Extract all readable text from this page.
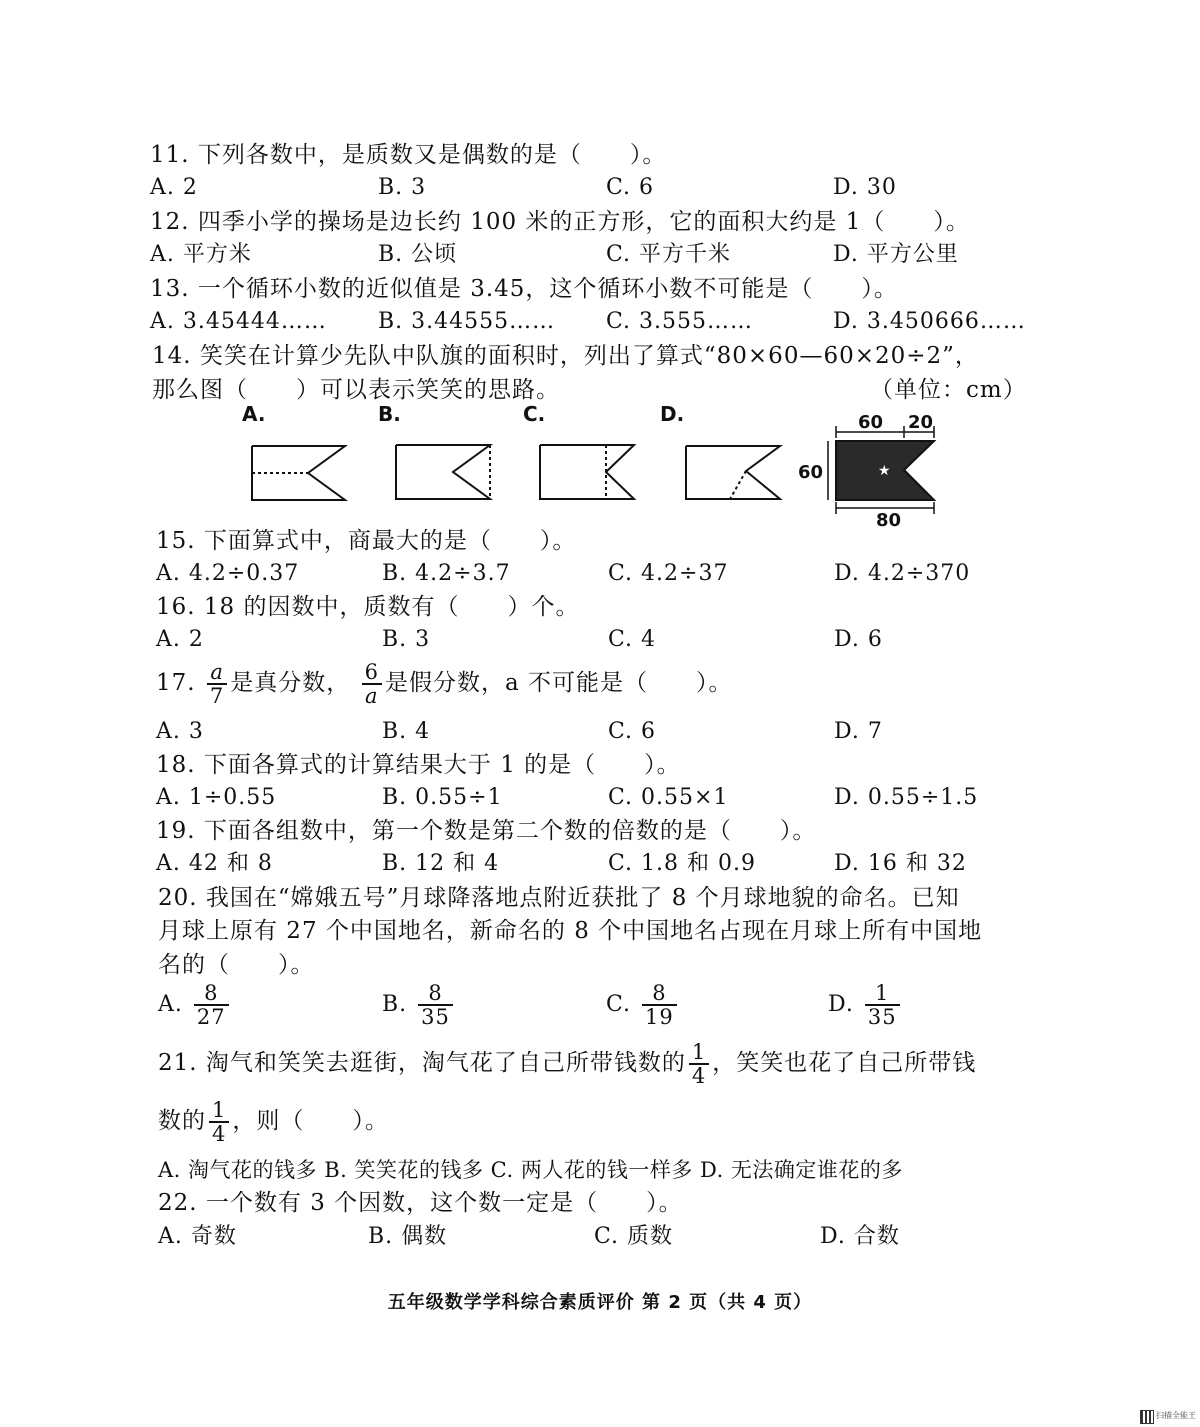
11. 下列各数中，是质数又是偶数的是（　　）。
A. 2	B. 3	C. 6	D. 30
12. 四季小学的操场是边长约 100 米的正方形，它的面积大约是 1（　　）。
A. 平方米	B. 公顷	C. 平方千米	D. 平方公里
13. 一个循环小数的近似值是 3.45，这个循环小数不可能是（　　）。
A. 3.45444…… B. 3.44555…… C. 3.555……	D. 3.450666……
14. 笑笑在计算少先队中队旗的面积时，列出了算式“80×60—60×20÷2”，
那么图（　　）可以表示笑笑的思路。	（单位：cm）
A.	B.	C.	D.
★
60 20
60
80
15. 下面算式中，商最大的是（　　）。
A. 4.2÷0.37	B. 4.2÷3.7	C. 4.2÷37	D. 4.2÷370
16. 18 的因数中，质数有（　　）个。
A. 2	B. 3	C. 4	D. 6
17. $\frac{a}{7}$ 是真分数， $\frac{6}{a}$ 是假分数，a 不可能是（　　）。
A. 3	B. 4	C. 6	D. 7
18. 下面各算式的计算结果大于 1 的是（　　）。
A. 1÷0.55	B. 0.55÷1	C. 0.55×1	D. 0.55÷1.5
19. 下面各组数中，第一个数是第二个数的倍数的是（　　）。
A. 42 和 8	B. 12 和 4	C. 1.8 和 0.9	D. 16 和 32
20. 我国在“嫦娥五号”月球降落地点附近获批了 8 个月球地貌的命名。已知
月球上原有 27 个中国地名，新命名的 8 个中国地名占现在月球上所有中国地
名的（　　）。
A. $\frac{8}{27}$	B. $\frac{8}{35}$	C. $\frac{8}{19}$	D. $\frac{1}{35}$
21. 淘气和笑笑去逛街，淘气花了自己所带钱数的 $\frac{1}{4}$ ，笑笑也花了自己所带钱
数的 $\frac{1}{4}$ ，则（　　）。
A. 淘气花的钱多 B. 笑笑花的钱多 C. 两人花的钱一样多 D. 无法确定谁花的多
22. 一个数有 3 个因数，这个数一定是（　　）。
A. 奇数	B. 偶数	C. 质数	D. 合数
五年级数学学科综合素质评价 第 2 页（共 4 页）
扫描全能王
